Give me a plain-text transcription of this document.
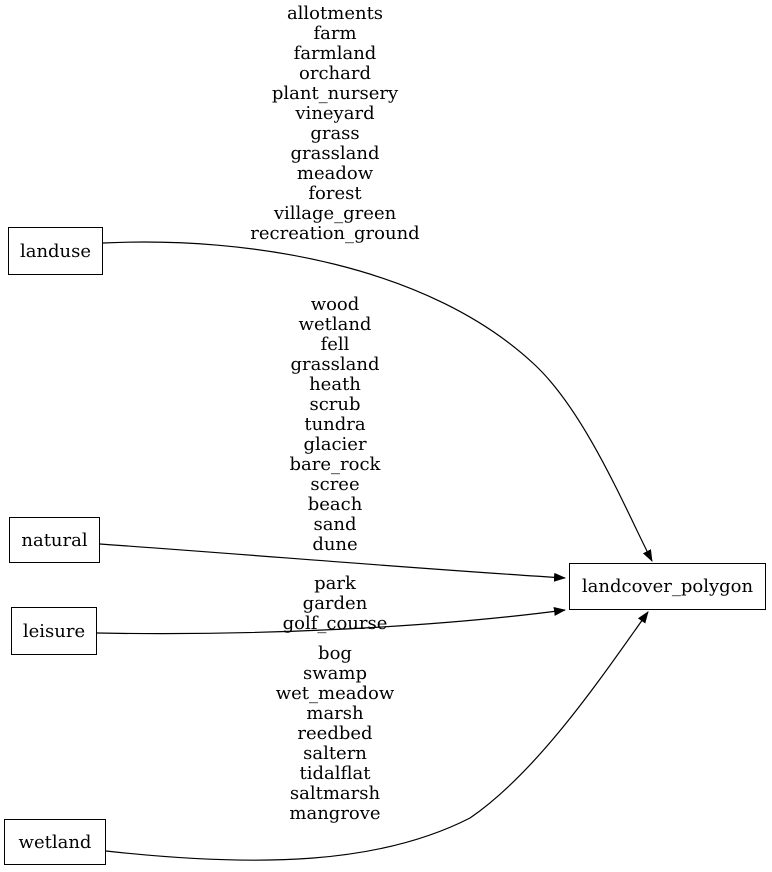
landuse
natural
leisure
wetland
landcover_polygon
allotments
farm
farmland
orchard
plant_nursery
vineyard
grass
grassland
meadow
forest
village_green
recreation_ground
wood
wetland
fell
grassland
heath
scrub
tundra
glacier
bare_rock
scree
beach
sand
dune
park
garden
golf_course
bog
swamp
wet_meadow
marsh
reedbed
saltern
tidalflat
saltmarsh
mangrove
